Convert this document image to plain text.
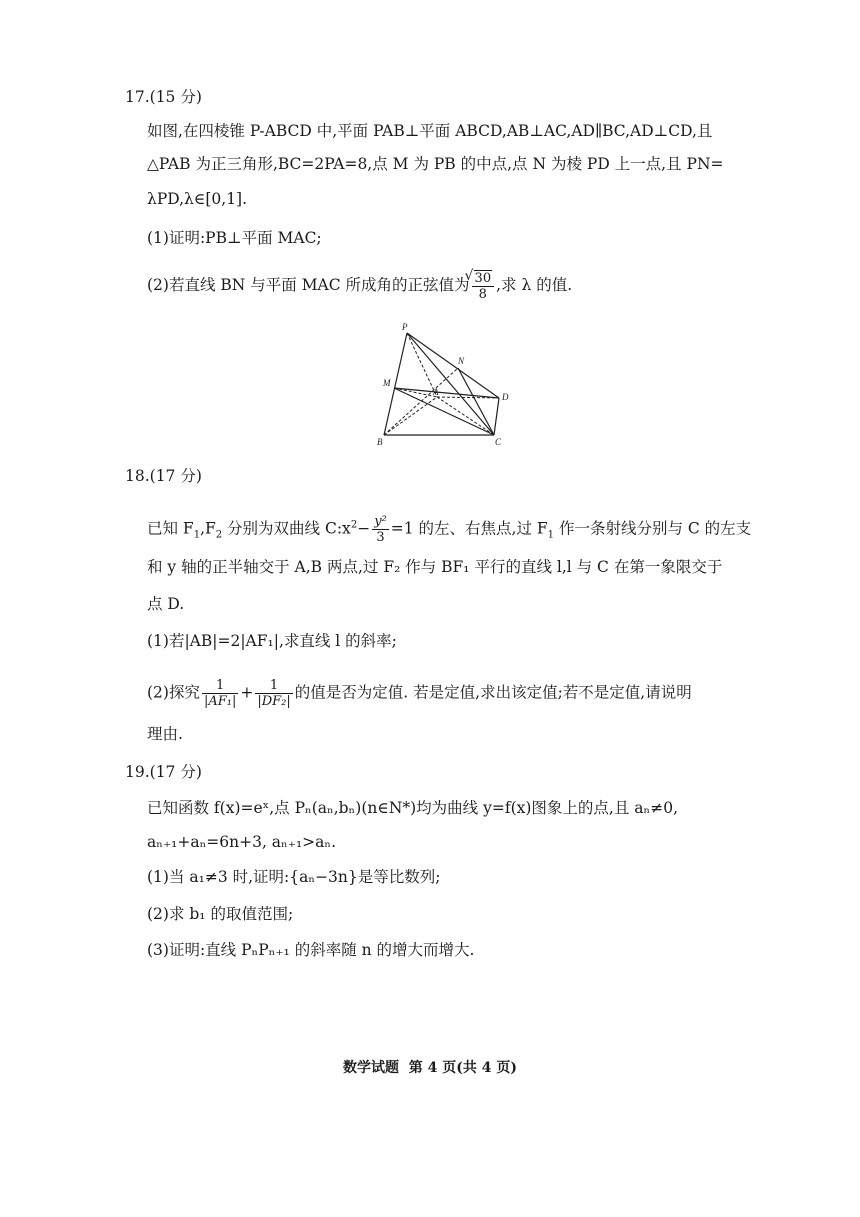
17.(15 分)
如图,在四棱锥 P-ABCD 中,平面 PAB⊥平面 ABCD,AB⊥AC,AD∥BC,AD⊥CD,且
△PAB 为正三角形,BC=2PA=8,点 M 为 PB 的中点,点 N 为棱 PD 上一点,且 PN=
λPD,λ∈[0,1].
(1)证明:PB⊥平面 MAC;
(2)若直线 BN 与平面 MAC 所成角的正弦值为
√ $\frac{30}{8}$ ,求 λ 的值.
P
N
M
A	D
B	C
18.(17 分)
已知 $F_1,F_2$ 分别为双曲线 $C:x^2- \frac{\text{y²}}{3} =1$ 的左、右焦点,过 $F_1$ 作一条射线分别与 C 的左支
和 y 轴的正半轴交于 A,B 两点,过 F₂ 作与 BF₁ 平行的直线 l,l 与 C 在第一象限交于
点 D.
(1)若|AB|=2|AF₁|,求直线 l 的斜率;
(2)探究 $\frac{1}{\text{|AF₁|}} + \frac{1}{\text{|DF₂|}}$ 的值是否为定值. 若是定值,求出该定值;若不是定值,请说明
理由.
19.(17 分)
已知函数 f(x)=eˣ,点 Pₙ(aₙ,bₙ)(n∈N*)均为曲线 y=f(x)图象上的点,且 aₙ≠0,
aₙ₊₁+aₙ=6n+3, aₙ₊₁>aₙ.
(1)当 a₁≠3 时,证明:{aₙ−3n}是等比数列;
(2)求 b₁ 的取值范围;
(3)证明:直线 PₙPₙ₊₁ 的斜率随 n 的增大而增大.
数学试题  第 4 页(共 4 页)
